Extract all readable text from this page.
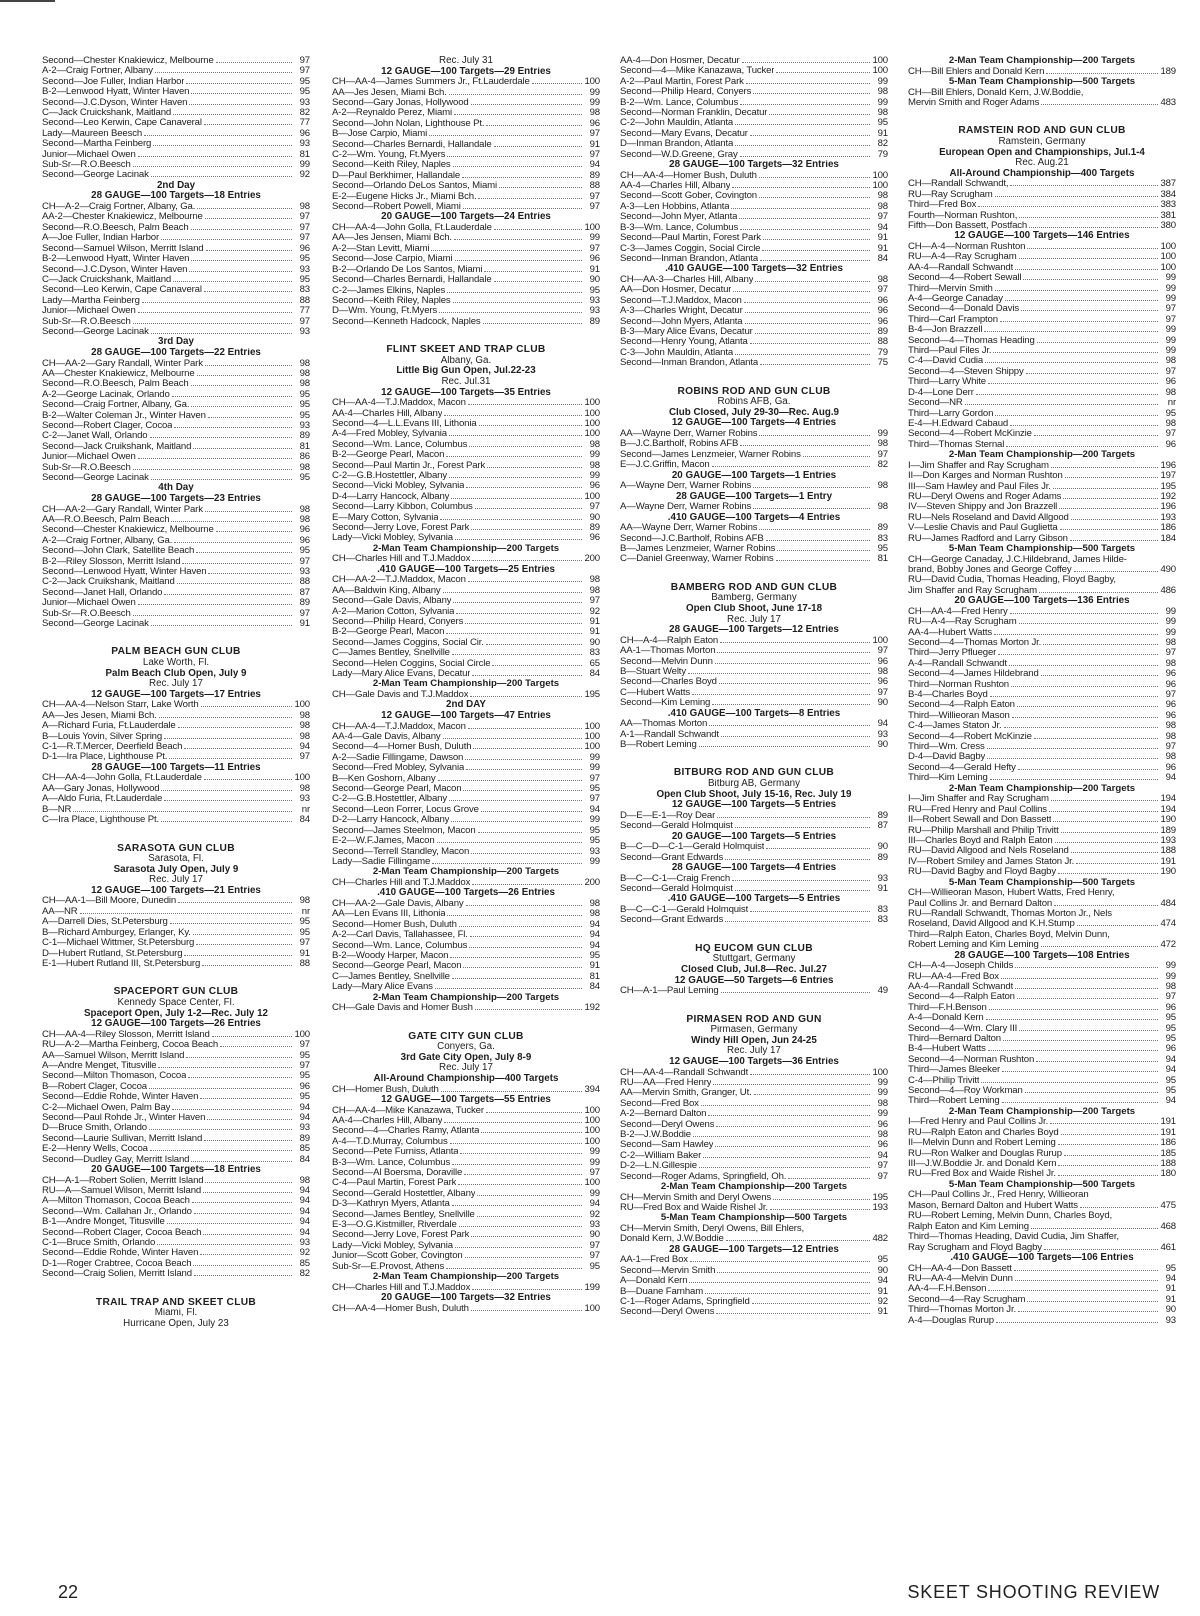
Second—Chester Knakiewicz, Melbourne	97
A-2—Craig Fortner, Albany	97
Second—Joe Fuller, Indian Harbor	95
B-2—Lenwood Hyatt, Winter Haven	95
Second—J.C.Dyson, Winter Haven	93
C—Jack Cruickshank, Maitland	82
Second—Leo Kerwin, Cape Canaveral	77
Lady—Maureen Beesch	96
Second—Martha Feinberg	93
Junior—Michael Owen	81
Sub-Sr—R.O.Beesch	99
Second—George Lacinak	92
2nd Day
28 GAUGE—100 Targets—18 Entries
CH—A-2—Craig Fortner, Albany, Ga.	98
AA-2—Chester Knakiewicz, Melbourne	97
Second—R.O.Beesch, Palm Beach	97
A—Joe Fuller, Indian Harbor	97
Second—Samuel Wilson, Merritt Island	96
B-2—Lenwood Hyatt, Winter Haven	95
Second—J.C.Dyson, Winter Haven	93
C—Jack Cruickshank, Maitland	95
Second—Leo Kerwin, Cape Canaveral	83
Lady—Martha Feinberg	88
Junior—Michael Owen	77
Sub-Sr—R.O.Beesch	97
Second—George Lacinak	93
3rd Day
28 GAUGE—100 Targets—22 Entries
CH—AA-2—Gary Randall, Winter Park	98
AA—Chester Knakiewicz, Melbourne	98
Second—R.O.Beesch, Palm Beach	98
A-2—George Lacinak, Orlando	95
Second—Craig Fortner, Albany, Ga.	95
B-2—Walter Coleman Jr., Winter Haven	95
Second—Robert Clager, Cocoa	93
C-2—Janet Wall, Orlando	89
Second—Jack Cruikshank, Maitland	81
Junior—Michael Owen	86
Sub-Sr—R.O.Beesch	98
Second—George Lacinak	95
4th Day
28 GAUGE—100 Targets—23 Entries
CH—AA-2—Gary Randall, Winter Park	98
AA—R.O.Beesch, Palm Beach	98
Second—Chester Knakiewicz, Melbourne	96
A-2—Craig Fortner, Albany, Ga.	96
Second—John Clark, Satellite Beach	95
B-2—Riley Slosson, Merritt Island	97
Second—Lenwood Hyatt, Winter Haven	93
C-2—Jack Cruikshank, Maitland	88
Second—Janet Hall, Orlando	87
Junior—Michael Owen	89
Sub-Sr—R.O.Beesch	97
Second—George Lacinak	91
PALM BEACH GUN CLUB
Lake Worth, Fl.
Palm Beach Club Open, July 9
Rec. July 17
12 GAUGE—100 Targets—17 Entries
CH—AA-4—Nelson Starr, Lake Worth	100
AA—Jes Jesen, Miami Bch.	98
A—Richard Furia, Ft.Lauderdale	98
B—Louis Yovin, Silver Spring	98
C-1—R.T.Mercer, Deerfield Beach	94
D-1—Ira Place, Lighthouse Pt.	97
28 GAUGE—100 Targets—11 Entries
CH—AA-4—John Golla, Ft.Lauderdale	100
AA—Gary Jonas, Hollywood	98
A—Aldo Furia, Ft.Lauderdale	93
B—NR	nr
C—Ira Place, Lighthouse Pt.	84
SARASOTA GUN CLUB
Sarasota, Fl.
Sarasota July Open, July 9
Rec. July 17
12 GAUGE—100 Targets—21 Entries
CH—AA-1—Bill Moore, Dunedin	98
AA—NR	nr
A—Darrell Dies, St.Petersburg	95
B—Richard Amburgey, Erlanger, Ky.	95
C-1—Michael Wittmer, St.Petersburg	97
D—Hubert Rutland, St.Petersburg	91
E-1—Hubert Rutland III, St.Petersburg	88
SPACEPORT GUN CLUB
Kennedy Space Center, Fl.
Spaceport Open, July 1-2—Rec. July 12
12 GAUGE—100 Targets—26 Entries
CH—AA-4—Riley Slosson, Merritt Island	100
RU—A-2—Martha Feinberg, Cocoa Beach	97
AA—Samuel Wilson, Merritt Island	95
A—Andre Menget, Titusville	97
Second—Milton Thomason, Cocoa	95
B—Robert Clager, Cocoa	96
Second—Eddie Rohde, Winter Haven	95
C-2—Michael Owen, Palm Bay	94
Second—Paul Rohde Jr., Winter Haven	94
D—Bruce Smith, Orlando	93
Second—Laurie Sullivan, Merritt Island	89
E-2—Henry Wells, Cocoa	85
Second—Dudley Gay, Merritt Island	84
20 GAUGE—100 Targets—18 Entries
CH—A-1—Robert Solien, Merritt Island	98
RU—A—Samuel Wilson, Merritt Island	94
A—Milton Thomason, Cocoa Beach	94
Second—Wm. Callahan Jr., Orlando	94
B-1—Andre Monget, Titusville	94
Second—Robert Clager, Cocoa Beach	94
C-1—Bruce Smith, Orlando	93
Second—Eddie Rohde, Winter Haven	92
D-1—Roger Crabtree, Cocoa Beach	85
Second—Craig Solien, Merritt Island	82
TRAIL TRAP AND SKEET CLUB
Miami, Fl.
Hurricane Open, July 23
Rec. July 31
12 GAUGE—100 Targets—29 Entries
CH—AA-4—James Summers Jr., Ft.Lauderdale	100
AA—Jes Jesen, Miami Bch.	99
Second—Gary Jonas, Hollywood	99
A-2—Reynaldo Perez, Miami	98
Second—John Nolan, Lighthouse Pt.	96
B—Jose Carpio, Miami	97
Second—Charles Bernardi, Hallandale	91
C-2—Wm. Young, Ft.Myers	97
Second—Keith Riley, Naples	94
D—Paul Berkhimer, Hallandale	89
Second—Orlando DeLos Santos, Miami	88
E-2—Eugene Hicks Jr., Miami Bch.	97
Second—Robert Powell, Miami	97
20 GAUGE—100 Targets—24 Entries
CH—AA-4—John Golla, Ft.Lauderdale	100
AA—Jes Jensen, Miami Bch.	99
A-2—Stan Levitt, Miami	97
Second—Jose Carpio, Miami	96
B-2—Orlando De Los Santos, Miami	91
Second—Charles Bernardi, Hallandale	90
C-2—James Elkins, Naples	95
Second—Keith Riley, Naples	93
D—Wm. Young, Ft.Myers	93
Second—Kenneth Hadcock, Naples	89
FLINT SKEET AND TRAP CLUB
Albany, Ga.
Little Big Gun Open, Jul.22-23
Rec. Jul.31
12 GAUGE—100 Targets—35 Entries
CH—AA-4—T.J.Maddox, Macon	100
AA-4—Charles Hill, Albany	100
Second—4—L.L.Evans III, Lithonia	100
A-4—Fred Mobley, Sylvania	100
Second—Wm. Lance, Columbus	98
B-2—George Pearl, Macon	99
Second—Paul Martin Jr., Forest Park	98
C-2—G.B.Hostettler, Albany	99
Second—Vicki Mobley, Sylvania	96
D-4—Larry Hancock, Albany	100
Second—Larry Kibbon, Columbus	97
E—Mary Cotton, Sylvania	90
Second—Jerry Love, Forest Park	89
Lady—Vicki Mobley, Sylvania	96
2-Man Team Championship—200 Targets
CH—Charles Hill and T.J.Maddox	200
.410 GAUGE—100 Targets—25 Entries
CH—AA-2—T.J.Maddox, Macon	98
AA—Baldwin King, Albany	98
Second—Gale Davis, Albany	97
A-2—Marion Cotton, Sylvania	92
Second—Philip Heard, Conyers	91
B-2—George Pearl, Macon	91
Second—James Coggins, Social Cir.	90
C—James Bentley, Snellville	83
Second—Helen Coggins, Social Circle	65
Lady—Mary Alice Evans, Decatur	84
2-Man Team Championship—200 Targets
CH—Gale Davis and T.J.Maddox	195
2nd DAY
12 GAUGE—100 Targets—47 Entries
CH—AA-4—T.J.Maddox, Macon	100
AA-4—Gale Davis, Albany	100
Second—4—Homer Bush, Duluth	100
A-2—Sadie Fillingame, Dawson	99
Second—Fred Mobley, Sylvania	99
B—Ken Goshorn, Albany	97
Second—George Pearl, Macon	95
C-2—G.B.Hostettler, Albany	97
Second—Leon Forrer, Locus Grove	94
D-2—Larry Hancock, Albany	99
Second—James Steelmon, Macon	95
E-2—W.F.James, Macon	95
Second—Terrell Standley, Macon	93
Lady—Sadie Fillingame	99
2-Man Team Championship—200 Targets
CH—Charles Hill and T.J.Maddox	200
.410 GAUGE—100 Targets—26 Entries
CH—AA-2—Gale Davis, Albany	98
AA—Len Evans III, Lithonia	98
Second—Homer Bush, Duluth	94
A-2—Carl Davis, Tallahassee, Fl.	94
Second—Wm. Lance, Columbus	94
B-2—Woody Harper, Macon	95
Second—George Pearl, Macon	91
C—James Bentley, Snellville	81
Lady—Mary Alice Evans	84
2-Man Team Championship—200 Targets
CH—Gale Davis and Homer Bush	192
GATE CITY GUN CLUB
Conyers, Ga.
3rd Gate City Open, July 8-9
Rec. July 17
All-Around Championship—400 Targets
CH—Homer Bush, Duluth	394
12 GAUGE—100 Targets—55 Entries
CH—AA-4—Mike Kanazawa, Tucker	100
AA-4—Charles Hill, Albany	100
Second—4—Charles Ramy, Atlanta	100
A-4—T.D.Murray, Columbus	100
Second—Pete Furniss, Atlanta	99
B-3—Wm. Lance, Columbus	99
Second—Al Boersma, Doraville	97
C-4—Paul Martin, Forest Park	100
Second—Gerald Hostettler, Albany	99
D-3—Kathryn Myers, Atlanta	94
Second—James Bentley, Snellville	92
E-3—O.G.Kistmiller, Riverdale	93
Second—Jerry Love, Forest Park	90
Lady—Vicki Mobley, Sylvania	97
Junior—Scott Gober, Covington	97
Sub-Sr—E.Provost, Athens	95
2-Man Team Championship—200 Targets
CH—Charles Hill and T.J.Maddox	199
20 GAUGE—100 Targets—32 Entries
CH—AA-4—Homer Bush, Duluth	100
AA-4—Don Hosmer, Decatur	100
Second—4—Mike Kanazawa, Tucker	100
A-2—Paul Martin, Forest Park	99
Second—Philip Heard, Conyers	98
B-2—Wm. Lance, Columbus	99
Second—Norman Franklin, Decatur	98
C-2—John Mauldin, Atlanta	95
Second—Mary Evans, Decatur	91
D—Inman Brandon, Atlanta	82
Second—W.D.Greene, Gray	79
28 GAUGE—100 Targets—32 Entries
CH—AA-4—Homer Bush, Duluth	100
AA-4—Charles Hill, Albany	100
Second—Scott Gober, Covington	98
A-3—Len Hobbins, Atlanta	98
Second—John Myer, Atlanta	97
B-3—Wm. Lance, Columbus	94
Second—Paul Martin, Forest Park	91
C-3—James Coggin, Social Circle	91
Second—Inman Brandon, Atlanta	84
.410 GAUGE—100 Targets—32 Entries
CH—AA-3—Charles Hill, Albany	98
AA—Don Hosmer, Decatur	97
Second—T.J.Maddox, Macon	96
A-3—Charles Wright, Decatur	96
Second—John Myers, Atlanta	96
B-3—Mary Alice Evans, Decatur	89
Second—Henry Young, Atlanta	88
C-3—John Mauldin, Atlanta	79
Second—Inman Brandon, Atlanta	75
ROBINS ROD AND GUN CLUB
Robins AFB, Ga.
Club Closed, July 29-30—Rec. Aug.9
12 GAUGE—100 Targets—4 Entries
AA—Wayne Derr, Warner Robins	99
B—J.C.Bartholf, Robins AFB	98
Second—James Lenzmeier, Warner Robins	97
E—J.C.Griffin, Macon	82
20 GAUGE—100 Targets—1 Entries
A—Wayne Derr, Warner Robins	98
28 GAUGE—100 Targets—1 Entry
A—Wayne Derr, Warner Robins	98
.410 GAUGE—100 Targets—4 Entries
AA—Wayne Derr, Warner Robins	89
Second—J.C.Bartholf, Robins AFB	83
B—James Lenzmeier, Warner Robins	95
C—Daniel Greenway, Warner Robins	81
BAMBERG ROD AND GUN CLUB
Bamberg, Germany
Open Club Shoot, June 17-18
Rec. July 17
28 GAUGE—100 Targets—12 Entries
CH—A-4—Ralph Eaton	100
AA-1—Thomas Morton	97
Second—Melvin Dunn	96
B—Stuart Welty	98
Second—Charles Boyd	96
C—Hubert Watts	97
Second—Kim Leming	90
.410 GAUGE—100 Targets—8 Entries
AA—Thomas Morton	94
A-1—Randall Schwandt	93
B—Robert Leming	90
BITBURG ROD AND GUN CLUB
Bitburg AB, Germany
Open Club Shoot, July 15-16, Rec. July 19
12 GAUGE—100 Targets—5 Entries
D—E—E-1—Roy Dear	89
Second—Gerald Holmquist	87
20 GAUGE—100 Targets—5 Entries
B—C—D—C-1—Gerald Holmquist	90
Second—Grant Edwards	89
28 GAUGE—100 Targets—4 Entries
B—C—C-1—Craig French	93
Second—Gerald Holmquist	91
.410 GAUGE—100 Targets—5 Entries
B—C—C-1—Gerald Holmquist	83
Second—Grant Edwards	83
HQ EUCOM GUN CLUB
Stuttgart, Germany
Closed Club, Jul.8—Rec. Jul.27
12 GAUGE—50 Targets—6 Entries
CH—A-1—Paul Leming	49
PIRMASEN ROD AND GUN
Pirmasen, Germany
Windy Hill Open, Jun 24-25
Rec. July 17
12 GAUGE—100 Targets—36 Entries
CH—AA-4—Randall Schwandt	100
RU—AA—Fred Henry	99
AA—Mervin Smith, Granger, Ut.	99
Second—Fred Box	98
A-2—Bernard Dalton	99
Second—Deryl Owens	96
B-2—J.W.Boddie	98
Second—Sam Hawley	96
C-2—William Baker	94
D-2—L.N.Gillespie	97
Second—Roger Adams, Springfield, Oh.	97
2-Man Team Championship—200 Targets
CH—Mervin Smith and Deryl Owens	195
RU—Fred Box and Waide Rishel Jr.	193
5-Man Team Championship—500 Targets
CH—Mervin Smith, Deryl Owens, Bill Ehlers,
Donald Kern, J.W.Boddie	482
28 GAUGE—100 Targets—12 Entries
AA-1—Fred Box	95
Second—Mervin Smith	90
A—Donald Kern	94
B—Duane Farnham	91
C-1—Roger Adams, Springfield	92
Second—Deryl Owens	91
2-Man Team Championship—200 Targets
CH—Bill Ehlers and Donald Kern	189
5-Man Team Championship—500 Targets
CH—Bill Ehlers, Donald Kern, J.W.Boddie,
Mervin Smith and Roger Adams	483
RAMSTEIN ROD AND GUN CLUB
Ramstein, Germany
European Open and Championships, Jul.1-4
Rec. Aug.21
All-Around Championship—400 Targets
CH—Randall Schwandt,	387
RU—Ray Scrugham	384
Third—Fred Box	383
Fourth—Norman Rushton,	381
Fifth—Don Bassett, Postfach	380
12 GAUGE—100 Targets—146 Entries
CH—A-4—Norman Rushton	100
RU—A-4—Ray Scrugham	100
AA-4—Randall Schwandt	100
Second—4—Robert Sewall	99
Third—Mervin Smith	99
A-4—George Canaday	99
Second—4—Donald Davis	97
Third—Carl Frampton	97
B-4—Jon Brazzell	99
Second—4—Thomas Heading	99
Third—Paul Files Jr.	99
C-4—David Cudia	98
Second—4—Steven Shippy	97
Third—Larry White	96
D-4—Lone Derr	98
Second—NR	nr
Third—Larry Gordon	95
E-4—H.Edward Cabaud	98
Second—4—Robert McKinzie	97
Third—Thomas Sternal	96
2-Man Team Championship—200 Targets
I—Jim Shaffer and Ray Scrugham	196
II—Don Karges and Norman Rushton	197
III—Sam Hawley and Paul Files Jr.	195
RU—Deryl Owens and Roger Adams	192
IV—Steven Shippy and Jon Brazzell	196
RU—Nels Roseland and David Allgood	193
V—Leslie Chavis and Paul Guglietta	186
RU—James Radford and Larry Gibson	184
5-Man Team Championship—500 Targets
CH—George Canaday, J.C.Hildebrand, James Hilde-
brand, Bobby Jones and George Coffey	490
RU—David Cudia, Thomas Heading, Floyd Bagby,
Jim Shaffer and Ray Scrugham	486
20 GAUGE—100 Targets—136 Entries
CH—AA-4—Fred Henry	99
RU—A-4—Ray Scrugham	99
AA-4—Hubert Watts	99
Second—4—Thomas Morton Jr.	98
Third—Jerry Pflueger	97
A-4—Randall Schwandt	98
Second—4—James Hildebrand	96
Third—Norman Rushton	96
B-4—Charles Boyd	97
Second—4—Ralph Eaton	96
Third—Willieoran Mason	96
C-4—James Staton Jr.	98
Second—4—Robert McKinzie	98
Third—Wm. Cress	97
D-4—David Bagby	98
Second—4—Gerald Hefty	96
Third—Kim Leming	94
2-Man Team Championship—200 Targets
I—Jim Shaffer and Ray Scrugham	194
RU—Fred Henry and Paul Collins	194
II—Robert Sewall and Don Bassett	190
RU—Philip Marshall and Philip Trivitt	189
III—Charles Boyd and Ralph Eaton	193
RU—David Allgood and Nels Roseland	188
IV—Robert Smiley and James Staton Jr.	191
RU—David Bagby and Floyd Bagby	190
5-Man Team Championship—500 Targets
CH—Willieoran Mason, Hubert Watts, Fred Henry,
Paul Collins Jr. and Bernard Dalton	484
RU—Randall Schwandt, Thomas Morton Jr., Nels
Roseland, David Allgood and K.H.Stump	474
Third—Ralph Eaton, Charles Boyd, Melvin Dunn,
Robert Leming and Kim Leming	472
28 GAUGE—100 Targets—108 Entries
CH—A-4—Joseph Childs	99
RU—AA-4—Fred Box	99
AA-4—Randall Schwandt	98
Second—4—Ralph Eaton	97
Third—F.H.Benson	96
A-4—Donald Kern	95
Second—4—Wm. Clary III	95
Third—Bernard Dalton	95
B-4—Hubert Watts	96
Second—4—Norman Rushton	94
Third—James Bleeker	94
C-4—Philip Trivitt	95
Second—4—Roy Workman	95
Third—Robert Leming	94
2-Man Team Championship—200 Targets
I—Fred Henry and Paul Collins Jr.	191
RU—Ralph Eaton and Charles Boyd	191
II—Melvin Dunn and Robert Leming	186
RU—Ron Walker and Douglas Rurup	185
III—J.W.Boddie Jr. and Donald Kern	188
RU—Fred Box and Waide Rishel Jr.	180
5-Man Team Championship—500 Targets
CH—Paul Collins Jr., Fred Henry, Willieoran
Mason, Bernard Dalton and Hubert Watts	475
RU—Robert Leming, Melvin Dunn, Charles Boyd,
Ralph Eaton and Kim Leming	468
Third—Thomas Heading, David Cudia, Jim Shaffer,
Ray Scrugham and Floyd Bagby	461
.410 GAUGE—100 Targets—106 Entries
CH—AA-4—Don Bassett	95
RU—AA-4—Melvin Dunn	94
AA-4—F.H.Benson	91
Second—4—Ray Scrugham	91
Third—Thomas Morton Jr.	90
A-4—Douglas Rurup	93
22	SKEET SHOOTING REVIEW
